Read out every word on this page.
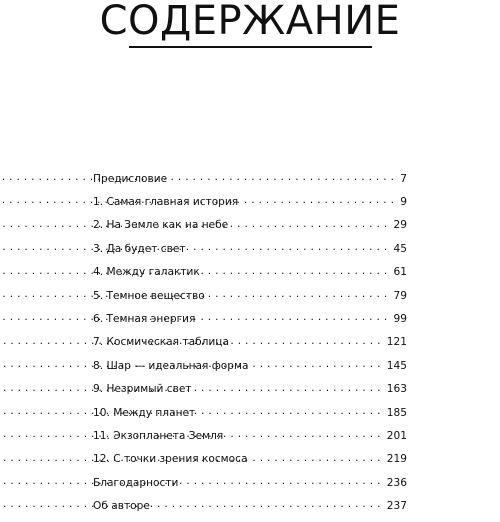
СОДЕРЖАНИЕ
Предисловие . . .	7
1. Самая главная история . . .	9
2. На Земле как на небе . . .	29
3. Да будет свет . . .	45
4. Между галактик . . .	61
5. Темное вещество . . .	79
6. Темная энергия . . .	99
7. Космическая таблица . . .	121
8. Шар — идеальная форма . . .	145
9. Незримый свет . . .	163
10. Между планет . . .	185
11. Экзопланета Земля . . .	201
12. С точки зрения космоса . . .	219
Благодарности . . .	236
Об авторе . . .	237
